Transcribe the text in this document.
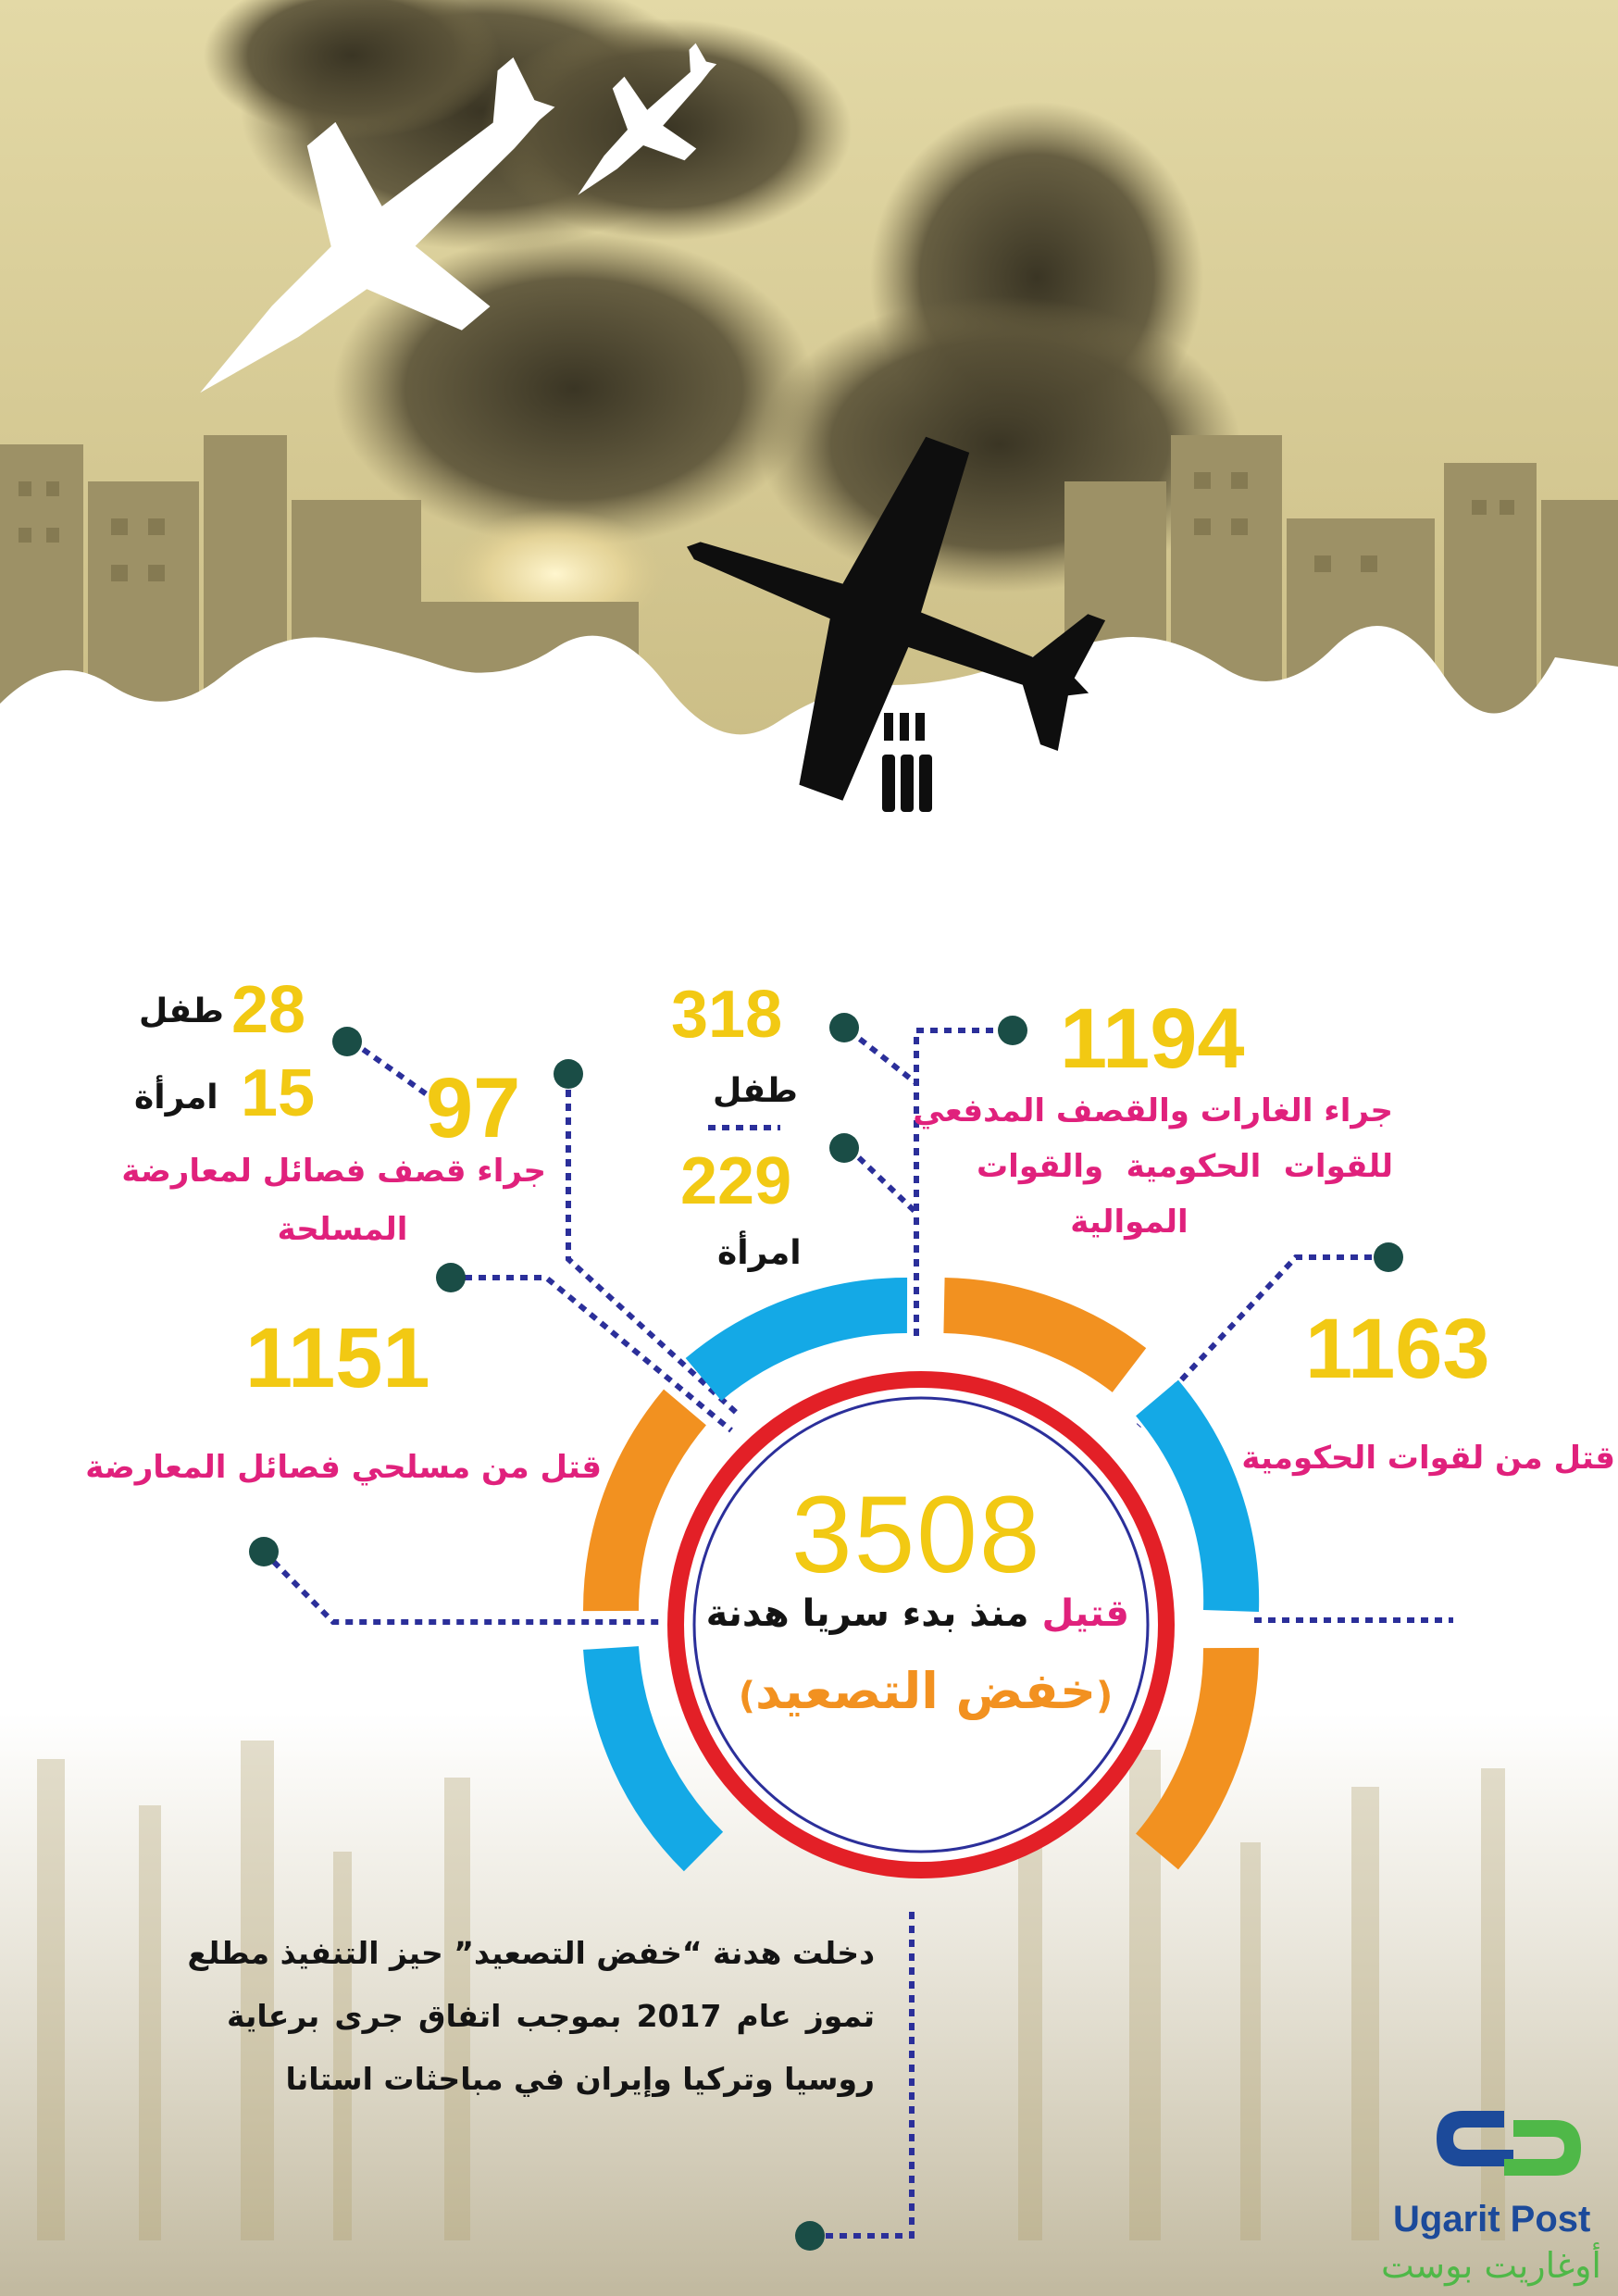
3508
قتيل منذ بدء سريا هدنة
(خفض التصعيد)
1194
جراء الغارات والقصف المدفعي
للقوات الحكومية والقوات
الموالية
318
طفل
229
امرأة
97
جراء قصف فصائل لمعارضة
المسلحة
28
طفل
15
امرأة
1151
قتل من مسلحي فصائل المعارضة
1163
قتل من لقوات الحكومية
دخلت هدنة “خفض التصعيد” حيز التنفيذ مطلع
تموز عام 2017 بموجب اتفاق جرى برعاية
روسيا وتركيا وإيران في مباحثات استانا
Ugarit Post
أوغاريت بوست
